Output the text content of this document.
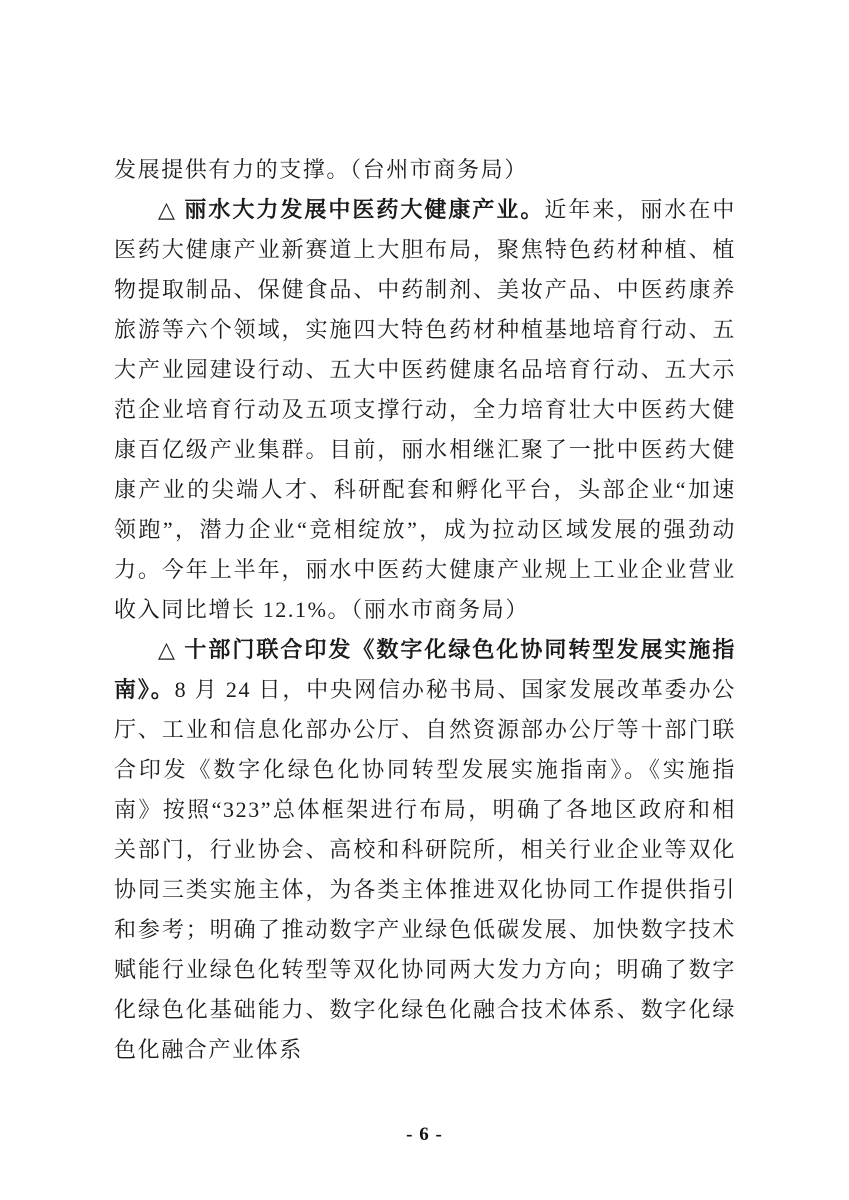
发展提供有力的支撑。（台州市商务局）

△ 丽水大力发展中医药大健康产业。近年来，丽水在中医药大健康产业新赛道上大胆布局，聚焦特色药材种植、植物提取制品、保健食品、中药制剂、美妆产品、中医药康养旅游等六个领域，实施四大特色药材种植基地培育行动、五大产业园建设行动、五大中医药健康名品培育行动、五大示范企业培育行动及五项支撑行动，全力培育壮大中医药大健康百亿级产业集群。目前，丽水相继汇聚了一批中医药大健康产业的尖端人才、科研配套和孵化平台，头部企业“加速领跑”，潜力企业“竞相绽放”，成为拉动区域发展的强劲动力。今年上半年，丽水中医药大健康产业规上工业企业营业收入同比增长 12.1%。（丽水市商务局）

△ 十部门联合印发《数字化绿色化协同转型发展实施指南》。8 月 24 日，中央网信办秘书局、国家发展改革委办公厅、工业和信息化部办公厅、自然资源部办公厅等十部门联合印发《数字化绿色化协同转型发展实施指南》。《实施指南》按照“323”总体框架进行布局，明确了各地区政府和相关部门，行业协会、高校和科研院所，相关行业企业等双化协同三类实施主体，为各类主体推进双化协同工作提供指引和参考；明确了推动数字产业绿色低碳发展、加快数字技术赋能行业绿色化转型等双化协同两大发力方向；明确了数字化绿色化基础能力、数字化绿色化融合技术体系、数字化绿色化融合产业体系

- 6 -
